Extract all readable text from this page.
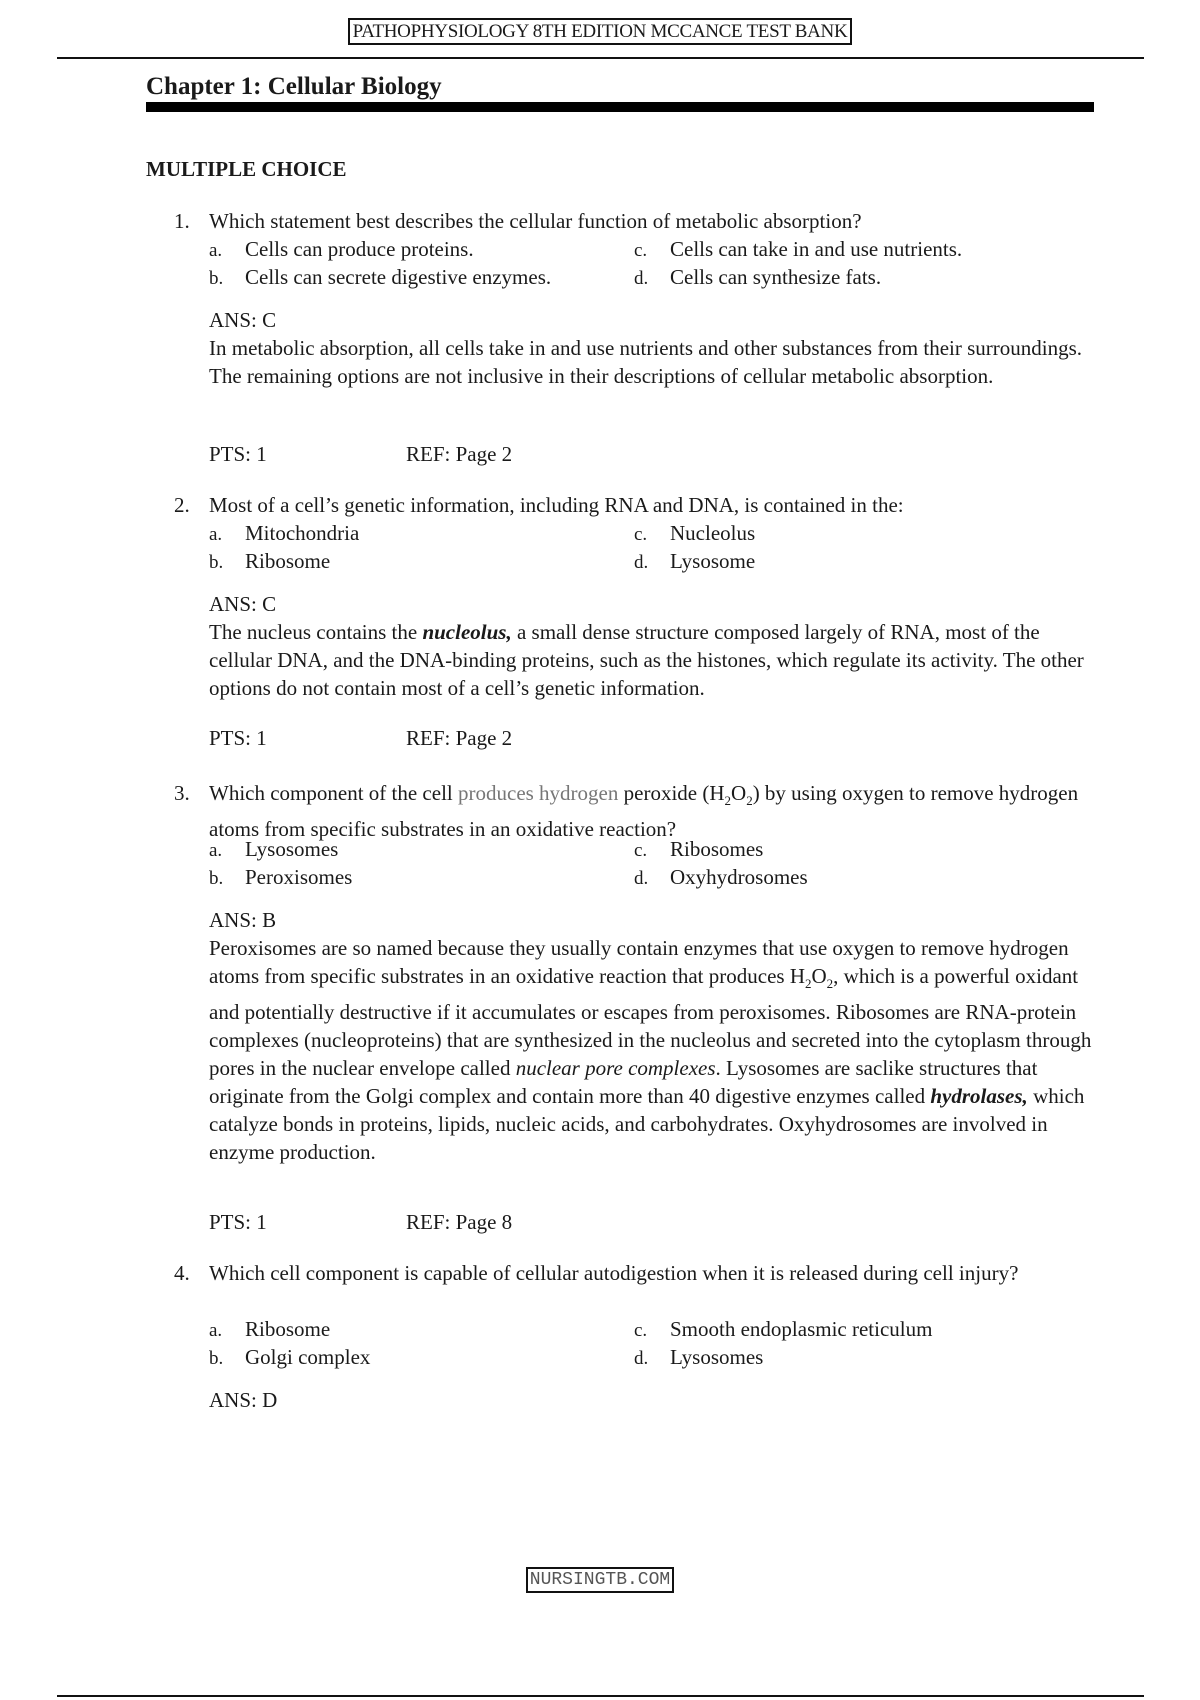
PATHOPHYSIOLOGY 8TH EDITION MCCANCE TEST BANK
Chapter 1: Cellular Biology
MULTIPLE CHOICE
1. Which statement best describes the cellular function of metabolic absorption?
a. Cells can produce proteins.
b. Cells can secrete digestive enzymes.
c. Cells can take in and use nutrients.
d. Cells can synthesize fats.
ANS: C
In metabolic absorption, all cells take in and use nutrients and other substances from their surroundings. The remaining options are not inclusive in their descriptions of cellular metabolic absorption.
PTS: 1	REF: Page 2
2. Most of a cell’s genetic information, including RNA and DNA, is contained in the:
a. Mitochondria
b. Ribosome
c. Nucleolus
d. Lysosome
ANS: C
The nucleus contains the nucleolus, a small dense structure composed largely of RNA, most of the cellular DNA, and the DNA-binding proteins, such as the histones, which regulate its activity. The other options do not contain most of a cell’s genetic information.
PTS: 1	REF: Page 2
3. Which component of the cell produces hydrogen peroxide $(H_2O_2)$ by using oxygen to remove hydrogen atoms from specific substrates in an oxidative reaction?
a. Lysosomes
b. Peroxisomes
c. Ribosomes
d. Oxyhydrosomes
ANS: B
Peroxisomes are so named because they usually contain enzymes that use oxygen to remove hydrogen atoms from specific substrates in an oxidative reaction that produces $H_2O_2$, which is a powerful oxidant and potentially destructive if it accumulates or escapes from peroxisomes. Ribosomes are RNA-protein complexes (nucleoproteins) that are synthesized in the nucleolus and secreted into the cytoplasm through pores in the nuclear envelope called nuclear pore complexes. Lysosomes are saclike structures that originate from the Golgi complex and contain more than 40 digestive enzymes called hydrolases, which catalyze bonds in proteins, lipids, nucleic acids, and carbohydrates. Oxyhydrosomes are involved in enzyme production.
PTS: 1	REF: Page 8
4. Which cell component is capable of cellular autodigestion when it is released during cell injury?
a. Ribosome
b. Golgi complex
c. Smooth endoplasmic reticulum
d. Lysosomes
ANS: D
NURSINGTB.COM
